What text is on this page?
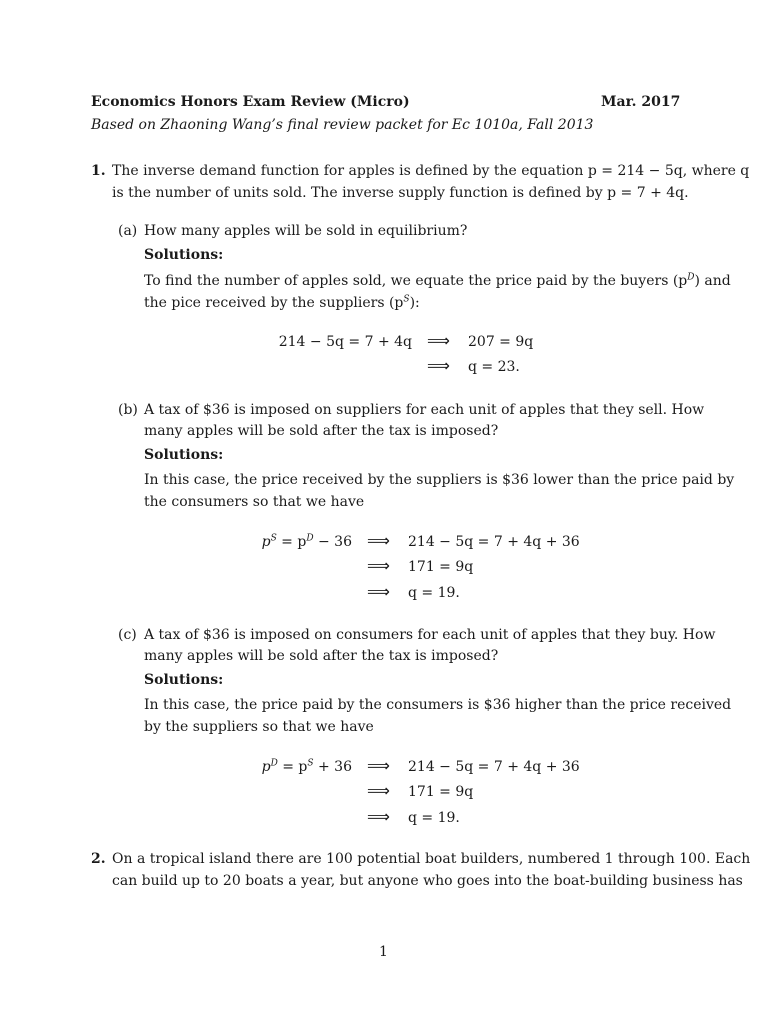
Economics Honors Exam Review (Micro)	Mar. 2017
Based on Zhaoning Wang’s final review packet for Ec 1010a, Fall 2013
1. The inverse demand function for apples is defined by the equation p = 214 − 5q, where q
is the number of units sold. The inverse supply function is defined by p = 7 + 4q.
(a) How many apples will be sold in equilibrium?
Solutions:
To find the number of apples sold, we equate the price paid by the buyers $(p^D)$ and
the pice received by the suppliers $(p^S)$:
214 − 5q = 7 + 4q ⟹ 207 = 9q
⟹ q = 23.
(b) A tax of $36 is imposed on suppliers for each unit of apples that they sell. How
many apples will be sold after the tax is imposed?
Solutions:
In this case, the price received by the suppliers is $36 lower than the price paid by
the consumers so that we have
$p^S = p^D - 36$ ⟹ 214 − 5q = 7 + 4q + 36
⟹ 171 = 9q
⟹ q = 19.
(c) A tax of $36 is imposed on consumers for each unit of apples that they buy. How
many apples will be sold after the tax is imposed?
Solutions:
In this case, the price paid by the consumers is $36 higher than the price received
by the suppliers so that we have
$p^D = p^S + 36$ ⟹ 214 − 5q = 7 + 4q + 36
⟹ 171 = 9q
⟹ q = 19.
2. On a tropical island there are 100 potential boat builders, numbered 1 through 100. Each
can build up to 20 boats a year, but anyone who goes into the boat-building business has
1
